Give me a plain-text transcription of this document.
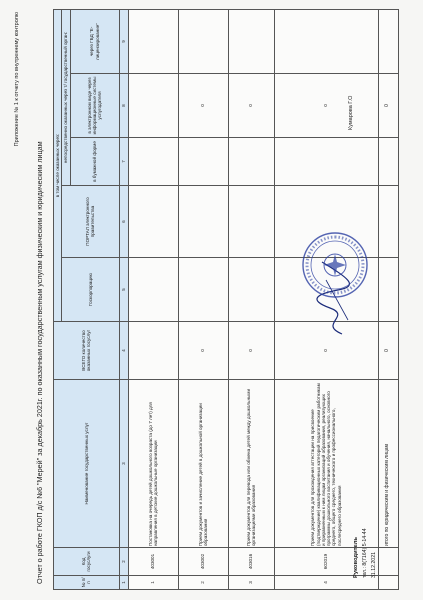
Приложение № 1 к отчету по внутреннему контролю
Отчет о работе ГКОП д/с №6 "Мерей" за декабрь 2021г. по оказанным государственным услугам физическим и юридическим лицам	№ п/п	Код госуслуги	Наименование государственных услуг	ВСЕГО количество оказанных госуслуг	в том числе оказанных через:				
				Госкорпорацию	ПОРТАЛ электронного правительства	непосредственно оказанных через т/ государственный орган:		
						в бумажной форме	в электронном виде через информационные системы услугодателя	через ГБД "Е-лицензирование"
1	2	3	4	5	6	7	8	9
1	403001	Постановка на очередь детей дошкольного возраста (до 7 лет) для направления в детские дошкольные организации						
2	403002	Прием документов и зачисление детей в дошкольной организации образования	0				0	
3	403016	Прием документов для перевода или обмена детей между дошкольными организациями образования	0				0	
4	602019	Прием документов для прохождения аттестации на присвоение (подтверждение) квалификационных категорий педагогическим работникам и приравненным к ним лицам организаций образования, реализующих программы дошкольного воспитания и обучения, начального, основного среднего, общего среднего, технического и профессионального, послесреднего образования	0				0	
		итого по юридическим и физическим лицам	0				0	
Руководитель тел.: 8(7164) 5-14-44 31.12.2021
Кумарова Г.О
